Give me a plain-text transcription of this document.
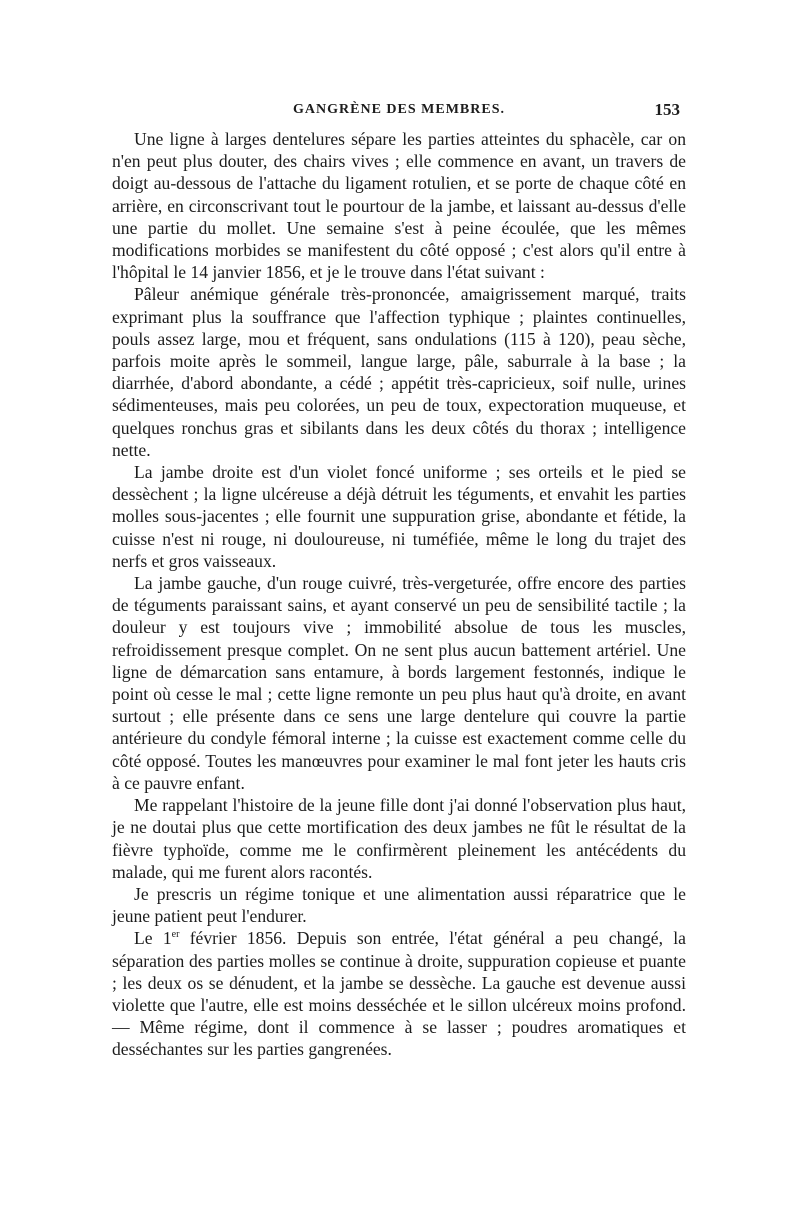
GANGRÈNE DES MEMBRES.	153

Une ligne à larges dentelures sépare les parties atteintes du sphacèle, car on n'en peut plus douter, des chairs vives ; elle commence en avant, un travers de doigt au-dessous de l'attache du ligament rotulien, et se porte de chaque côté en arrière, en circonscrivant tout le pourtour de la jambe, et laissant au-dessus d'elle une partie du mollet. Une semaine s'est à peine écoulée, que les mêmes modifications morbides se manifestent du côté opposé ; c'est alors qu'il entre à l'hôpital le 14 janvier 1856, et je le trouve dans l'état suivant :

Pâleur anémique générale très-prononcée, amaigrissement marqué, traits exprimant plus la souffrance que l'affection typhique ; plaintes continuelles, pouls assez large, mou et fréquent, sans ondulations (115 à 120), peau sèche, parfois moite après le sommeil, langue large, pâle, saburrale à la base ; la diarrhée, d'abord abondante, a cédé ; appétit très-capricieux, soif nulle, urines sédimenteuses, mais peu colorées, un peu de toux, expectoration muqueuse, et quelques ronchus gras et sibilants dans les deux côtés du thorax ; intelligence nette.

La jambe droite est d'un violet foncé uniforme ; ses orteils et le pied se dessèchent ; la ligne ulcéreuse a déjà détruit les téguments, et envahit les parties molles sous-jacentes ; elle fournit une suppuration grise, abondante et fétide, la cuisse n'est ni rouge, ni douloureuse, ni tuméfiée, même le long du trajet des nerfs et gros vaisseaux.

La jambe gauche, d'un rouge cuivré, très-vergeturée, offre encore des parties de téguments paraissant sains, et ayant conservé un peu de sensibilité tactile ; la douleur y est toujours vive ; immobilité absolue de tous les muscles, refroidissement presque complet. On ne sent plus aucun battement artériel. Une ligne de démarcation sans entamure, à bords largement festonnés, indique le point où cesse le mal ; cette ligne remonte un peu plus haut qu'à droite, en avant surtout ; elle présente dans ce sens une large dentelure qui couvre la partie antérieure du condyle fémoral interne ; la cuisse est exactement comme celle du côté opposé. Toutes les manœuvres pour examiner le mal font jeter les hauts cris à ce pauvre enfant.

Me rappelant l'histoire de la jeune fille dont j'ai donné l'observation plus haut, je ne doutai plus que cette mortification des deux jambes ne fût le résultat de la fièvre typhoïde, comme me le confirmèrent pleinement les antécédents du malade, qui me furent alors racontés.

Je prescris un régime tonique et une alimentation aussi réparatrice que le jeune patient peut l'endurer.

Le 1er février 1856. Depuis son entrée, l'état général a peu changé, la séparation des parties molles se continue à droite, suppuration copieuse et puante ; les deux os se dénudent, et la jambe se dessèche. La gauche est devenue aussi violette que l'autre, elle est moins desséchée et le sillon ulcéreux moins profond. — Même régime, dont il commence à se lasser ; poudres aromatiques et desséchantes sur les parties gangrenées.
